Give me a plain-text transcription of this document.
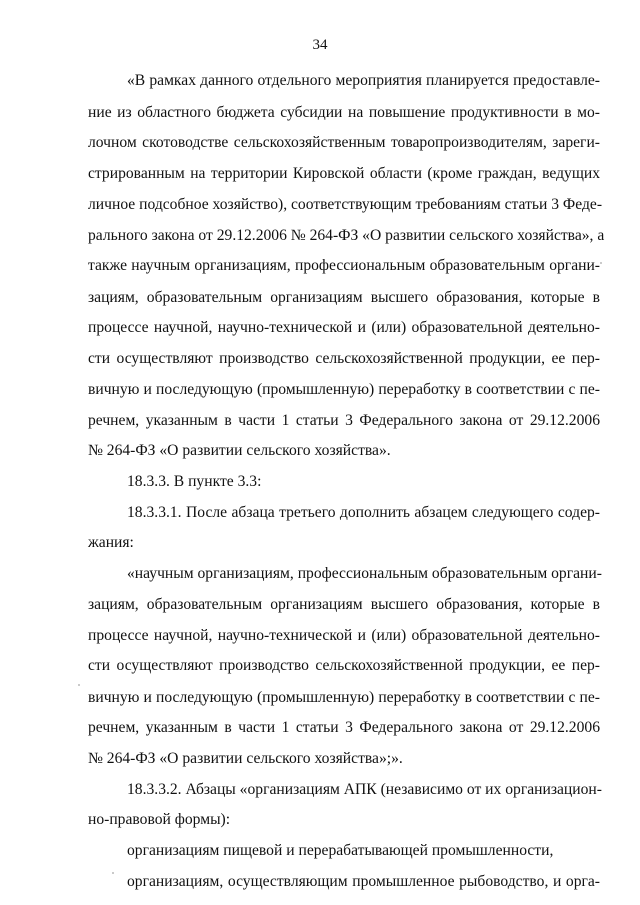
34
«В рамках данного отдельного мероприятия планируется предоставле-
ние из областного бюджета субсидии на повышение продуктивности в мо-
лочном скотоводстве сельскохозяйственным товаропроизводителям, зареги-
стрированным на территории Кировской области (кроме граждан, ведущих
личное подсобное хозяйство), соответствующим требованиям статьи 3 Феде-
рального закона от 29.12.2006 № 264-ФЗ «О развитии сельского хозяйства», а
также научным организациям, профессиональным образовательным органи-
зациям, образовательным организациям высшего образования, которые в
процессе научной, научно-технической и (или) образовательной деятельно-
сти осуществляют производство сельскохозяйственной продукции, ее пер-
вичную и последующую (промышленную) переработку в соответствии с пе-
речнем, указанным в части 1 статьи 3 Федерального закона от 29.12.2006
№ 264-ФЗ «О развитии сельского хозяйства».
18.3.3. В пункте 3.3:
18.3.3.1. После абзаца третьего дополнить абзацем следующего содер-
жания:
«научным организациям, профессиональным образовательным органи-
зациям, образовательным организациям высшего образования, которые в
процессе научной, научно-технической и (или) образовательной деятельно-
сти осуществляют производство сельскохозяйственной продукции, ее пер-
вичную и последующую (промышленную) переработку в соответствии с пе-
речнем, указанным в части 1 статьи 3 Федерального закона от 29.12.2006
№ 264-ФЗ «О развитии сельского хозяйства»;».
18.3.3.2. Абзацы «организациям АПК (независимо от их организацион-
но-правовой формы):
организациям пищевой и перерабатывающей промышленности,
организациям, осуществляющим промышленное рыбоводство, и орга-
